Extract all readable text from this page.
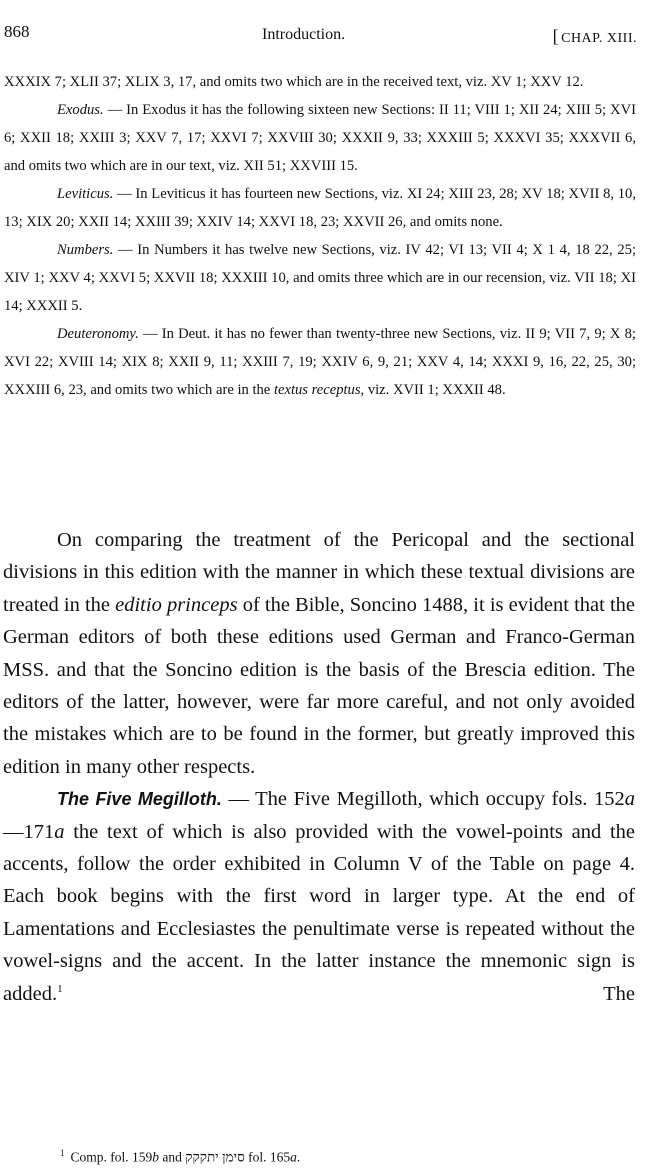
868	Introduction.
[	CHAP. XIII.

XXXIX 7; XLII 37; XLIX 3, 17, and omits two which are in the received text, viz. XV 1; XXV 12.

Exodus. — In Exodus it has the following sixteen new Sections: II 11; VIII 1; XII 24; XIII 5; XVI 6; XXII 18; XXIII 3; XXV 7, 17; XXVI 7; XXVIII 30; XXXII 9, 33; XXXIII 5; XXXVI 35; XXXVII 6, and omits two which are in our text, viz. XII 51; XXVIII 15.

Leviticus. — In Leviticus it has fourteen new Sections, viz. XI 24; XIII 23, 28; XV 18; XVII 8, 10, 13; XIX 20; XXII 14; XXIII 39; XXIV 14; XXVI 18, 23; XXVII 26, and omits none.

Numbers. — In Numbers it has twelve new Sections, viz. IV 42; VI 13; VII 4; X 1 4, 18 22, 25; XIV 1; XXV 4; XXVI 5; XXVII 18; XXXIII 10, and omits three which are in our recension, viz. VII 18; XI 14; XXXII 5.

Deuteronomy. — In Deut. it has no fewer than twenty-three new Sections, viz. II 9; VII 7, 9; X 8; XVI 22; XVIII 14; XIX 8; XXII 9, 11; XXIII 7, 19; XXIV 6, 9, 21; XXV 4, 14; XXXI 9, 16, 22, 25, 30; XXXIII 6, 23, and omits two which are in the textus receptus, viz. XVII 1; XXXII 48.

On comparing the treatment of the Pericopal and the sectional divisions in this edition with the manner in which these textual divisions are treated in the editio princeps of the Bible, Soncino 1488, it is evident that the German editors of both these editions used German and Franco-German MSS. and that the Soncino edition is the basis of the Brescia edition. The editors of the latter, however, were far more careful, and not only avoided the mistakes which are to be found in the former, but greatly improved this edition in many other respects.

The Five Megilloth. — The Five Megilloth, which occupy fols. 152a—171a the text of which is also provided with the vowel-points and the accents, follow the order exhibited in Column V of the Table on page 4. Each book begins with the first word in larger type. At the end of Lamentations and Ecclesiastes the penultimate verse is repeated without the vowel-signs and the accent. In the latter instance the mnemonic sign is added.$^1$ The

$^1$ Comp. fol. 159b and סימן יתקקק fol. 165a.
